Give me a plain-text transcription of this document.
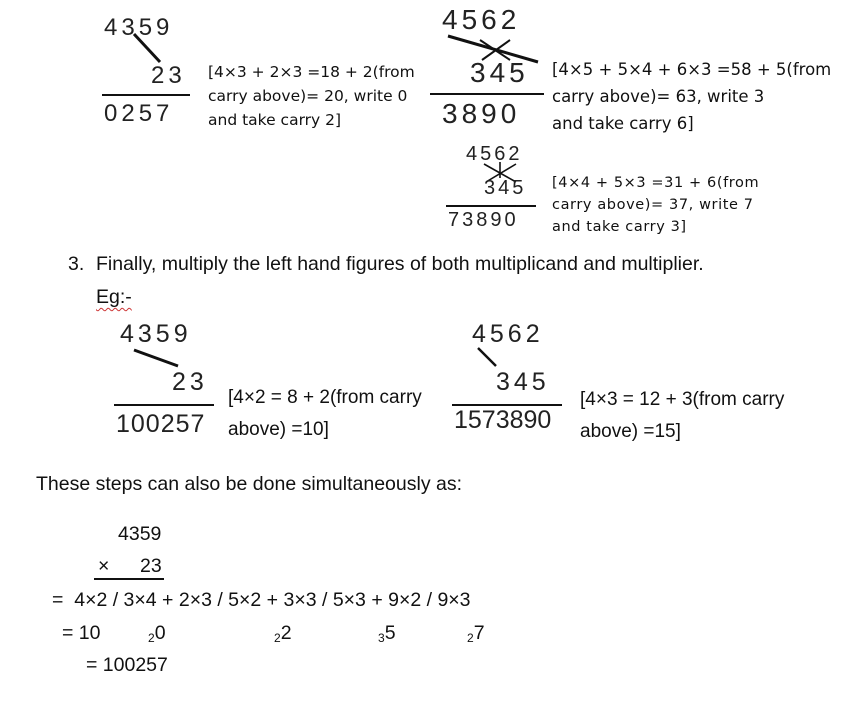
4359
23
0257
[4×3 + 2×3 =18 + 2(from
carry above)= 20, write 0
and take carry 2]
4562
345
3890
[4×5 + 5×4 + 6×3 =58 + 5(from
carry above)= 63, write 3
and take carry 6]
4562
345
73890
[4×4 + 5×3 =31 + 6(from
carry above)= 37, write 7
and take carry 3]
3. Finally, multiply the left hand figures of both multiplicand and multiplier.
Eg:-
4359
23
100257
[4×2 = 8 + 2(from carry
above) =10]
4562
345
1573890
[4×3 = 12 + 3(from carry
above) =15]
These steps can also be done simultaneously as:
4359
× 23
=  4×2 / 3×4 + 2×3 / 5×2 + 3×3 / 5×3 + 9×2 / 9×3
= 10	$_2$0	$_2$2	$_3$5	$_2$7
= 100257
